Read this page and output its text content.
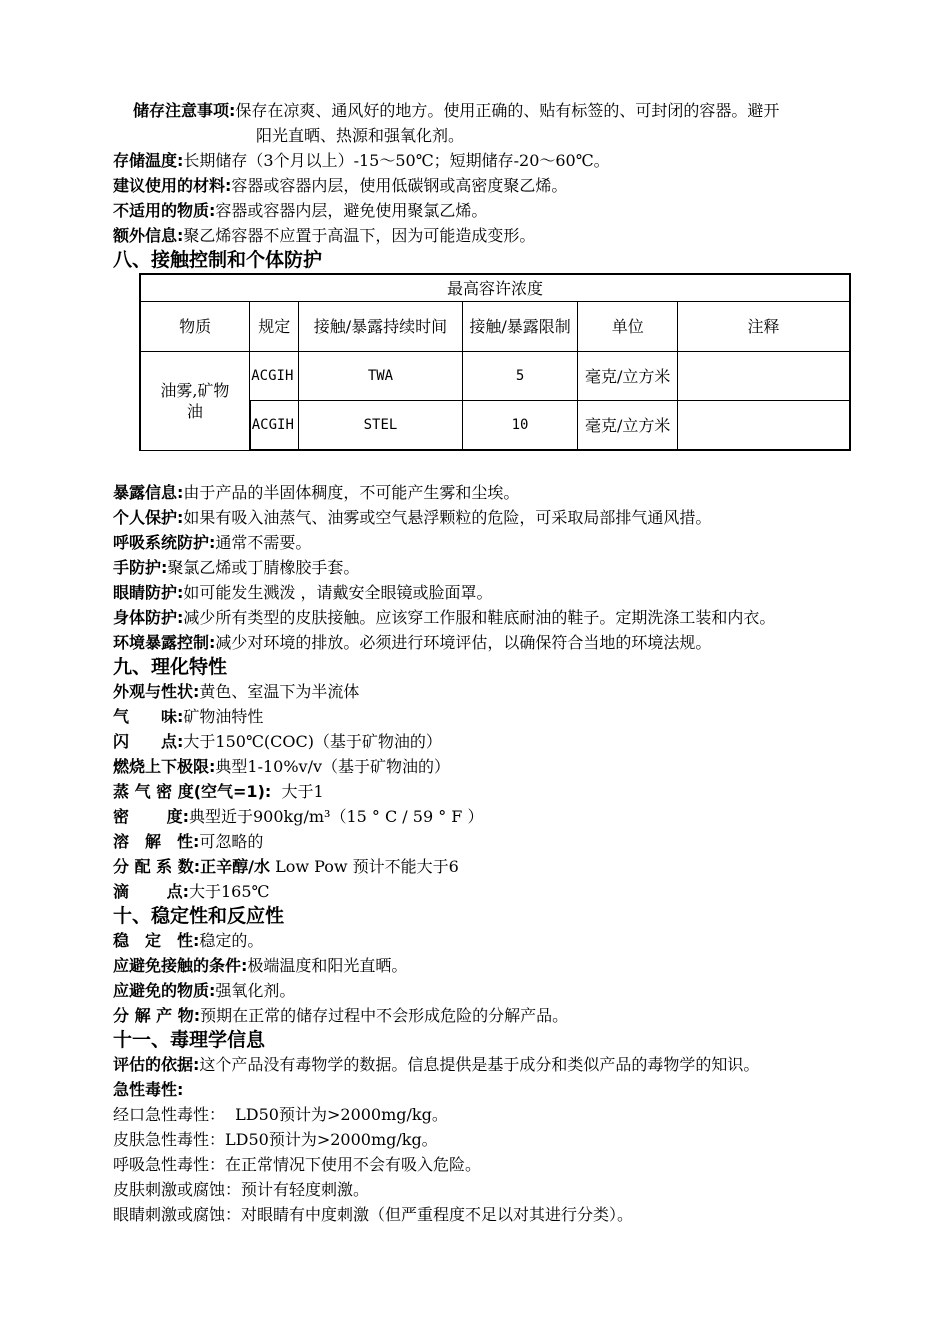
储存注意事项:保存在凉爽、通风好的地方。使用正确的、贴有标签的、可封闭的容器。避开
阳光直晒、热源和强氧化剂。
存储温度:长期储存（3个月以上）-15～50℃；短期储存-20～60℃。
建议使用的材料:容器或容器内层，使用低碳钢或高密度聚乙烯。
不适用的物质:容器或容器内层，避免使用聚氯乙烯。
额外信息:聚乙烯容器不应置于高温下，因为可能造成变形。
八、接触控制和个体防护
最高容许浓度					
物质	规定	接触/暴露持续时间	接触/暴露限制	单位	注释
油雾,矿物油	ACGIH	TWA	5	毫克/立方米	
	ACGIH	STEL	10	毫克/立方米	
暴露信息:由于产品的半固体稠度，不可能产生雾和尘埃。
个人保护:如果有吸入油蒸气、油雾或空气悬浮颗粒的危险，可采取局部排气通风措。
呼吸系统防护:通常不需要。
手防护:聚氯乙烯或丁腈橡胶手套。
眼睛防护:如可能发生溅泼 ，请戴安全眼镜或脸面罩。
身体防护:减少所有类型的皮肤接触。应该穿工作服和鞋底耐油的鞋子。定期洗涤工装和内衣。
环境暴露控制:减少对环境的排放。必须进行环境评估，以确保符合当地的环境法规。
九、理化特性
外观与性状:黄色、室温下为半流体
气　　味:矿物油特性
闪　　点:大于150℃(COC)（基于矿物油的）
燃烧上下极限:典型1-10%v/v（基于矿物油的）
蒸 气 密 度(空气=1):  大于1
密　　 度:典型近于900kg/m³（15 ° C / 59 ° F ）
溶　解　性:可忽略的
分 配 系 数:正辛醇/水 Low Pow 预计不能大于6
滴　　 点:大于165℃
十、稳定性和反应性
稳　定　性:稳定的。
应避免接触的条件:极端温度和阳光直晒。
应避免的物质:强氧化剂。
分 解 产 物:预期在正常的储存过程中不会形成危险的分解产品。
十一、毒理学信息
评估的依据:这个产品没有毒物学的数据。信息提供是基于成分和类似产品的毒物学的知识。
急性毒性:
经口急性毒性：  LD50预计为>2000mg/kg。
皮肤急性毒性：LD50预计为>2000mg/kg。
呼吸急性毒性：在正常情况下使用不会有吸入危险。
皮肤刺激或腐蚀：预计有轻度刺激。
眼睛刺激或腐蚀：对眼睛有中度刺激（但严重程度不足以对其进行分类）。
